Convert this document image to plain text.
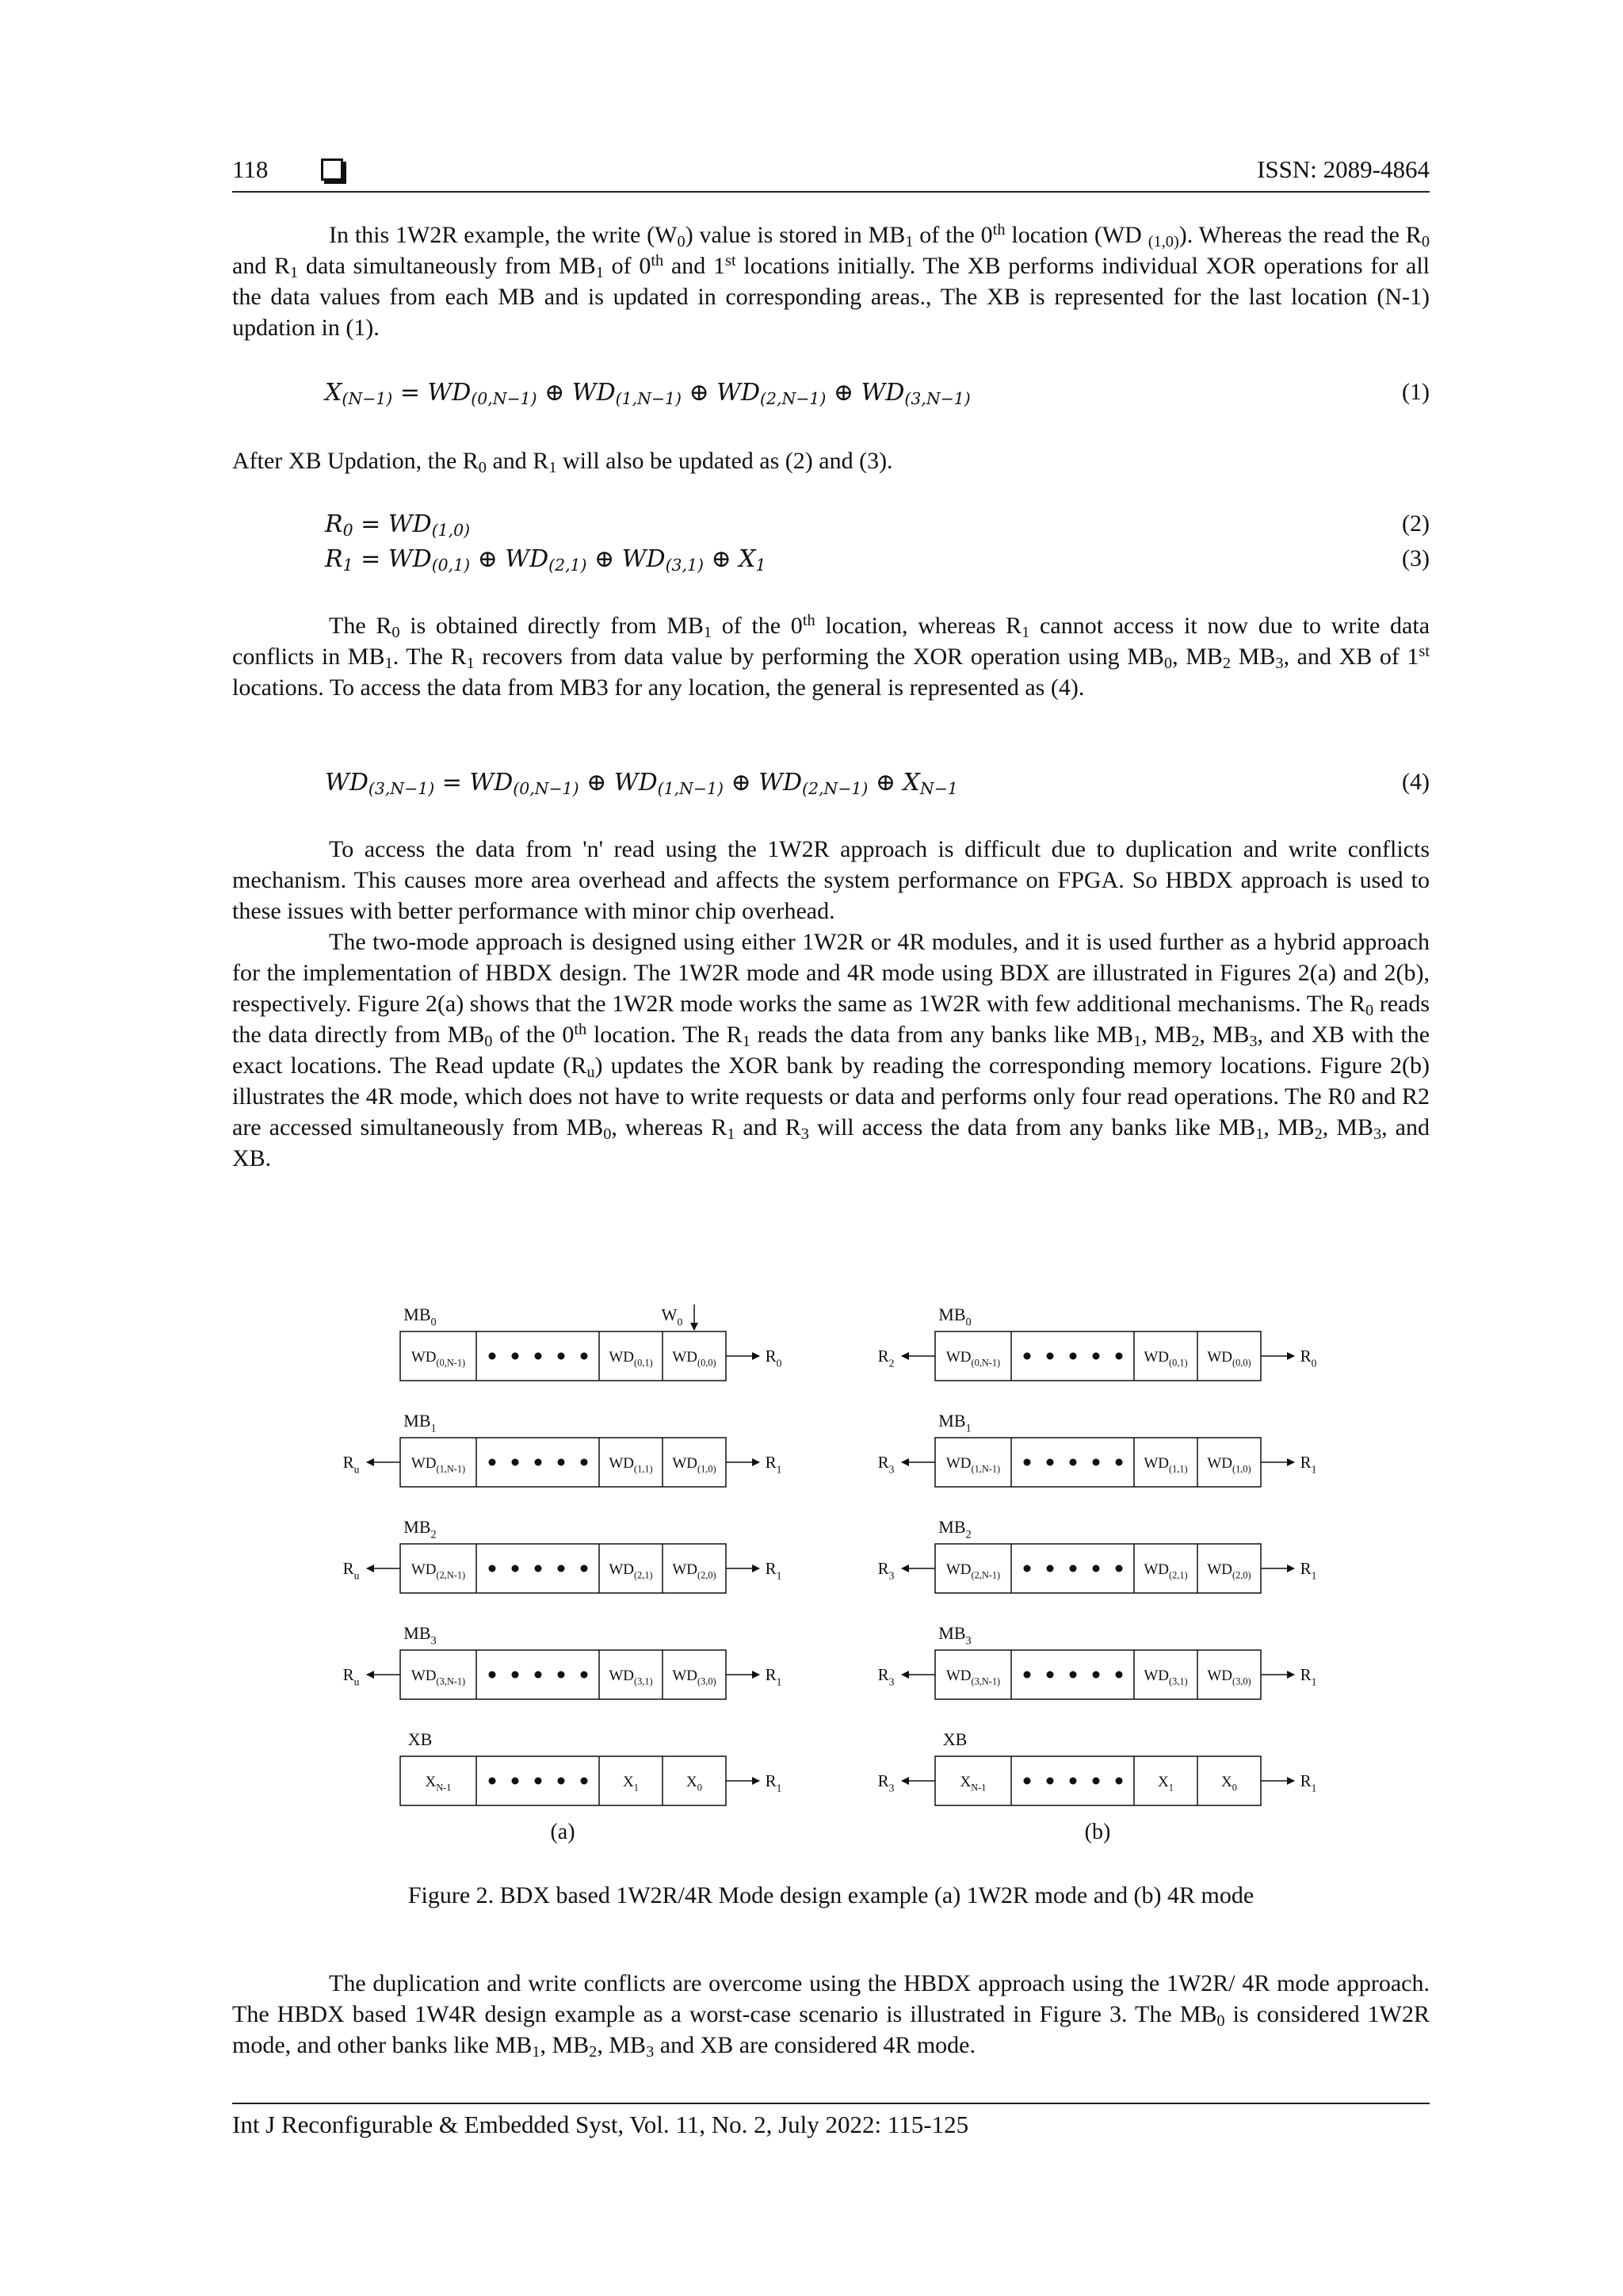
118	ISSN: 2089-4864
In this 1W2R example, the write $(W_0)$ value is stored in $MB_1$ of the 0th location (WD $_{(1,0)}$). Whereas the read the $R_0$ and $R_1$ data simultaneously from $MB_1$ of 0th and 1st locations initially. The XB performs individual XOR operations for all the data values from each MB and is updated in corresponding areas., The XB is represented for the last location (N-1) updation in (1).
$X_{(N-1)} = WD_{(0,N-1)}$ ⊕ $WD_{(1,N-1)}$ ⊕ $WD_{(2,N-1)}$ ⊕ $WD_{(3,N-1)}$	(1)
After XB Updation, the $R_0$ and $R_1$ will also be updated as (2) and (3).
$R_0 = WD_{(1,0)}$	(2)
$R_1 = WD_{(0,1)}$ ⊕ $WD_{(2,1)}$ ⊕ $WD_{(3,1)}$ ⊕ $X_1$	(3)
The $R_0$ is obtained directly from $MB_1$ of the 0th location, whereas $R_1$ cannot access it now due to write data conflicts in $MB_1$. The $R_1$ recovers from data value by performing the XOR operation using $MB_0$, $MB_2$ $MB_3$, and XB of 1st locations. To access the data from MB3 for any location, the general is represented as (4).
$WD_{(3,N-1)} = WD_{(0,N-1)}$ ⊕ $WD_{(1,N-1)}$ ⊕ $WD_{(2,N-1)}$ ⊕ $X_{N-1}$	(4)
To access the data from 'n' read using the 1W2R approach is difficult due to duplication and write conflicts mechanism. This causes more area overhead and affects the system performance on FPGA. So HBDX approach is used to these issues with better performance with minor chip overhead.
The two-mode approach is designed using either 1W2R or 4R modules, and it is used further as a hybrid approach for the implementation of HBDX design. The 1W2R mode and 4R mode using BDX are illustrated in Figures 2(a) and 2(b), respectively. Figure 2(a) shows that the 1W2R mode works the same as 1W2R with few additional mechanisms. The $R_0$ reads the data directly from $MB_0$ of the 0th location. The $R_1$ reads the data from any banks like $MB_1$, $MB_2$, $MB_3$, and XB with the exact locations. The Read update $(R_u)$ updates the XOR bank by reading the corresponding memory locations. Figure 2(b) illustrates the 4R mode, which does not have to write requests or data and performs only four read operations. The R0 and R2 are accessed simultaneously from $MB_0$, whereas $R_1$ and $R_3$ will access the data from any banks like $MB_1$, $MB_2$, $MB_3$, and XB.
$MB_0$
$WD_{(0,N-1)}$	$WD_{(0,1)}$ $WD_{(0,0)}$	$R_0$
$W_0$
$MB_1$
$WD_{(1,N-1)}$	$WD_{(1,1)}$ $WD_{(1,0)}$	$R_1$
$R_u$
$MB_2$
$WD_{(2,N-1)}$	$WD_{(2,1)}$ $WD_{(2,0)}$	$R_1$
$R_u$
$MB_3$
$WD_{(3,N-1)}$	$WD_{(3,1)}$ $WD_{(3,0)}$	$R_1$
$R_u$
XB
$X_{N-1}$	$X_1$	$X_0$	$R_1$
(a)
$MB_0$
$WD_{(0,N-1)}$	$WD_{(0,1)}$ $WD_{(0,0)}$	$R_0$
$R_2$
$MB_1$
$WD_{(1,N-1)}$	$WD_{(1,1)}$ $WD_{(1,0)}$	$R_1$
$R_3$
$MB_2$
$WD_{(2,N-1)}$	$WD_{(2,1)}$ $WD_{(2,0)}$	$R_1$
$R_3$
$MB_3$
$WD_{(3,N-1)}$	$WD_{(3,1)}$ $WD_{(3,0)}$	$R_1$
$R_3$
XB
$X_{N-1}$	$X_1$	$X_0$	$R_1$
$R_3$
(b)
Figure 2. BDX based 1W2R/4R Mode design example (a) 1W2R mode and (b) 4R mode
The duplication and write conflicts are overcome using the HBDX approach using the 1W2R/ 4R mode approach. The HBDX based 1W4R design example as a worst-case scenario is illustrated in Figure 3. The $MB_0$ is considered 1W2R mode, and other banks like $MB_1$, $MB_2$, $MB_3$ and XB are considered 4R mode.
Int J Reconfigurable & Embedded Syst, Vol. 11, No. 2, July 2022: 115-125
